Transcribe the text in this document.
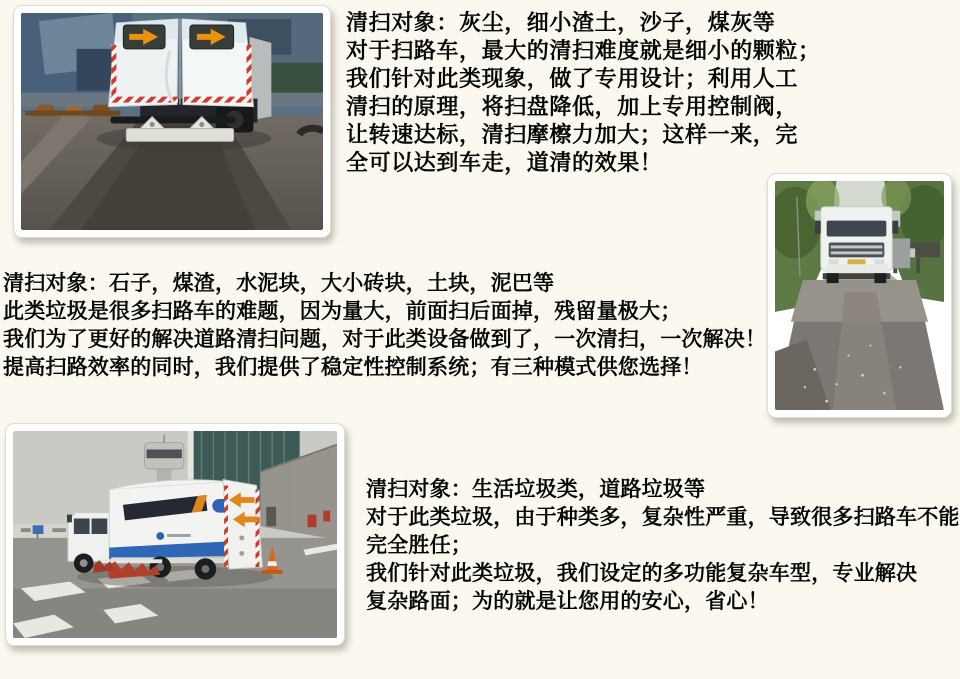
清扫对象：灰尘，细小渣土，沙子，煤灰等
对于扫路车，最大的清扫难度就是细小的颗粒；
我们针对此类现象，做了专用设计；利用人工
清扫的原理，将扫盘降低，加上专用控制阀，
让转速达标，清扫摩檫力加大；这样一来，完
全可以达到车走，道清的效果！
清扫对象：石子，煤渣，水泥块，大小砖块，土块，泥巴等
此类垃圾是很多扫路车的难题，因为量大，前面扫后面掉，残留量极大；
我们为了更好的解决道路清扫问题，对于此类设备做到了，一次清扫，一次解决！
提高扫路效率的同时，我们提供了稳定性控制系统；有三种模式供您选择！
清扫对象：生活垃圾类，道路垃圾等
对于此类垃圾，由于种类多，复杂性严重，导致很多扫路车不能
完全胜任；
我们针对此类垃圾，我们设定的多功能复杂车型，专业解决
复杂路面；为的就是让您用的安心，省心！
